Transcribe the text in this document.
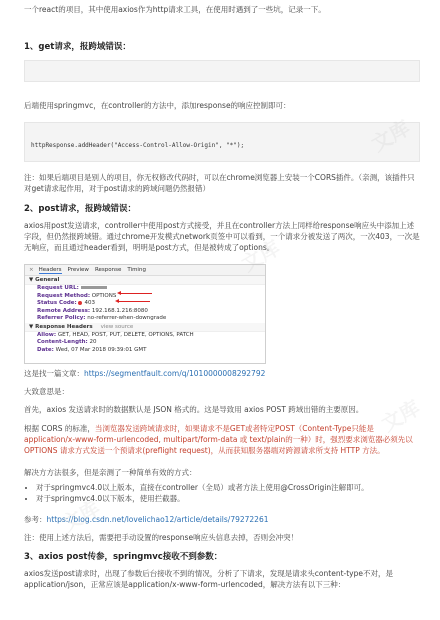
一个react的项目，其中使用axios作为http请求工具，在使用时遇到了一些坑，记录一下。
1、get请求，报跨域错误：

后端使用springmvc，在controller的方法中，添加response的响应控制即可：

httpResponse.addHeader("Access-Control-Allow-Origin", "*");

注：如果后端项目是别人的项目，你无权修改代码时，可以在chrome浏览器上安装一个CORS插件。（亲测，该插件只对get请求起作用，对于post请求的跨域问题仍然报错）
2、post请求，报跨域错误：
axios用post发送请求，controller中使用post方式接受，并且在controller方法上同样给response响应头中添加上述字段，但仍然报跨域错。通过chrome开发模式network页签中可以看到，一个请求分被发送了两次，一次403，一次是无响应，而且通过header看到，明明是post方式，但是被转成了options。
× Headers Preview Response Timing
▼ General
Request URL:
Request Method: OPTIONS
Status Code: 403
Remote Address: 192.168.1.216:8080
Referrer Policy: no-referrer-when-downgrade
▼ Response Headers view source
Allow: GET, HEAD, POST, PUT, DELETE, OPTIONS, PATCH
Content-Length: 20
Date: Wed, 07 Mar 2018 09:39:01 GMT
这是找一篇文章：https://segmentfault.com/q/1010000008292792
大致意思是：
首先，axios 发送请求时的数据默认是 JSON 格式的。这是导致用 axios POST 跨域出错的主要原因。
根据 CORS 的标准，当浏览器发送跨域请求时，如果请求不是GET或者特定POST（Content-Type只能是 application/x-www-form-urlencoded, multipart/form-data 或 text/plain的一种）时，强烈要求浏览器必须先以 OPTIONS 请求方式发送一个预请求(preflight request)，从而获知服务器端对跨源请求所支持 HTTP 方法。
解决方方法很多，但是亲测了一种简单有效的方式：
• 对于springmvc4.0以上版本，直接在controller（全局）或者方法上使用@CrossOrigin注解即可。
• 对于springmvc4.0以下版本，使用拦截器。
参考：https://blog.csdn.net/lovelichao12/article/details/79272261
注：使用上述方法后，需要把手动设置的response响应头信息去掉，否则会冲突！
3、axios post传参，springmvc接收不到参数：
axios发送post请求时，出现了参数后台接收不到的情况，分析了下请求，发现是请求头content-type不对，是 application/json，正常应该是application/x-www-form-urlencoded，解决方法有以下三种：
文库
文库
文库
